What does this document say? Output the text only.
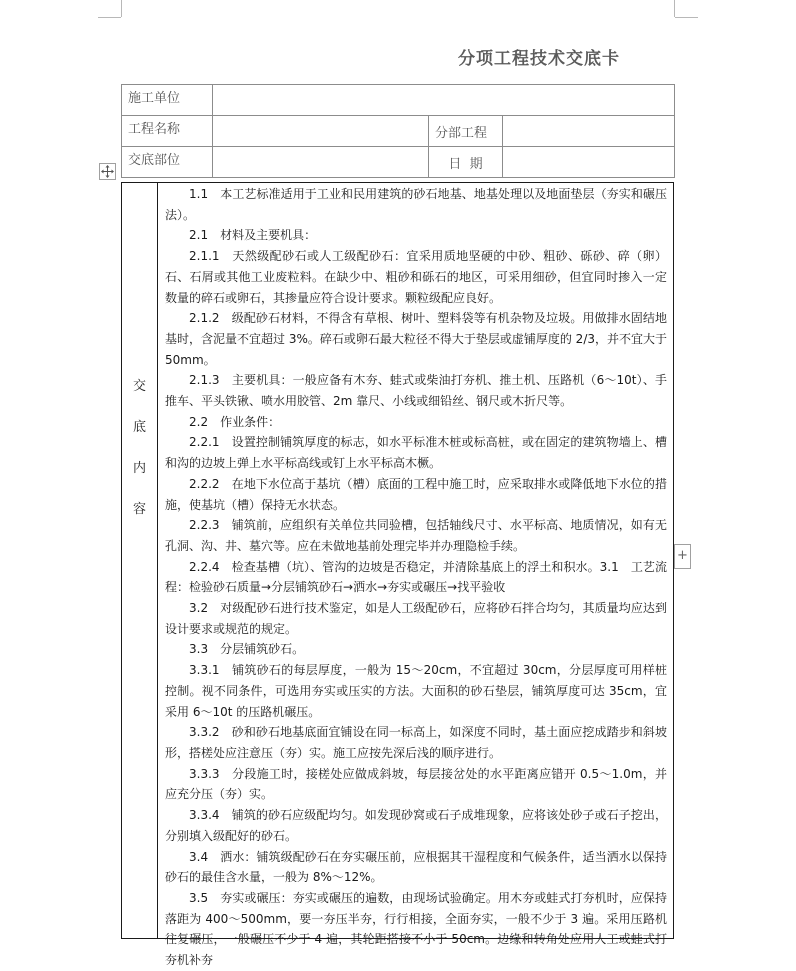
分项工程技术交底卡
施工单位			
工程名称		分部工程	
交底部位		日  期	
交
底
内
容

1.1　本工艺标准适用于工业和民用建筑的砂石地基、地基处理以及地面垫层（夯实和碾压法）。

2.1　材料及主要机具：

2.1.1　天然级配砂石或人工级配砂石：宜采用质地坚硬的中砂、粗砂、砾砂、碎（卵）石、石屑或其他工业废粒料。在缺少中、粗砂和砾石的地区，可采用细砂，但宜同时掺入一定数量的碎石或卵石，其掺量应符合设计要求。颗粒级配应良好。

2.1.2　级配砂石材料，不得含有草根、树叶、塑料袋等有机杂物及垃圾。用做排水固结地基时，含泥量不宜超过 3%。碎石或卵石最大粒径不得大于垫层或虚铺厚度的 2/3，并不宜大于 50mm。

2.1.3　主要机具：一般应备有木夯、蛙式或柴油打夯机、推土机、压路机（6～10t）、手推车、平头铁锹、喷水用胶管、2m 靠尺、小线或细铅丝、钢尺或木折尺等。

2.2　作业条件：

2.2.1　设置控制铺筑厚度的标志，如水平标准木桩或标高桩，或在固定的建筑物墙上、槽和沟的边坡上弹上水平标高线或钉上水平标高木橛。

2.2.2　在地下水位高于基坑（槽）底面的工程中施工时，应采取排水或降低地下水位的措施，使基坑（槽）保持无水状态。

2.2.3　铺筑前，应组织有关单位共同验槽，包括轴线尺寸、水平标高、地质情况，如有无孔洞、沟、井、墓穴等。应在未做地基前处理完毕并办理隐检手续。

2.2.4　检查基槽（坑）、管沟的边坡是否稳定，并清除基底上的浮土和积水。3.1　工艺流程：检验砂石质量→分层铺筑砂石→洒水→夯实或碾压→找平验收

3.2　对级配砂石进行技术鉴定，如是人工级配砂石，应将砂石拌合均匀，其质量均应达到设计要求或规范的规定。

3.3　分层铺筑砂石。

3.3.1　铺筑砂石的每层厚度，一般为 15～20cm，不宜超过 30cm，分层厚度可用样桩控制。视不同条件，可选用夯实或压实的方法。大面积的砂石垫层，铺筑厚度可达 35cm，宜采用 6～10t 的压路机碾压。

3.3.2　砂和砂石地基底面宜铺设在同一标高上，如深度不同时，基土面应挖成踏步和斜坡形，搭槎处应注意压（夯）实。施工应按先深后浅的顺序进行。

3.3.3　分段施工时，接槎处应做成斜坡，每层接岔处的水平距离应错开 0.5～1.0m，并应充分压（夯）实。

3.3.4　铺筑的砂石应级配均匀。如发现砂窝或石子成堆现象，应将该处砂子或石子挖出，分别填入级配好的砂石。

3.4　洒水：铺筑级配砂石在夯实碾压前，应根据其干湿程度和气候条件，适当洒水以保持砂石的最佳含水量，一般为 8%～12%。

3.5　夯实或碾压：夯实或碾压的遍数，由现场试验确定。用木夯或蛙式打夯机时，应保持落距为 400～500mm，要一夯压半夯，行行相接，全面夯实，一般不少于 3 遍。采用压路机往复碾压，一般碾压不少于 4 遍，其轮距搭接不小于 50cm。边缘和转角处应用人工或蛙式打夯机补夯

+
